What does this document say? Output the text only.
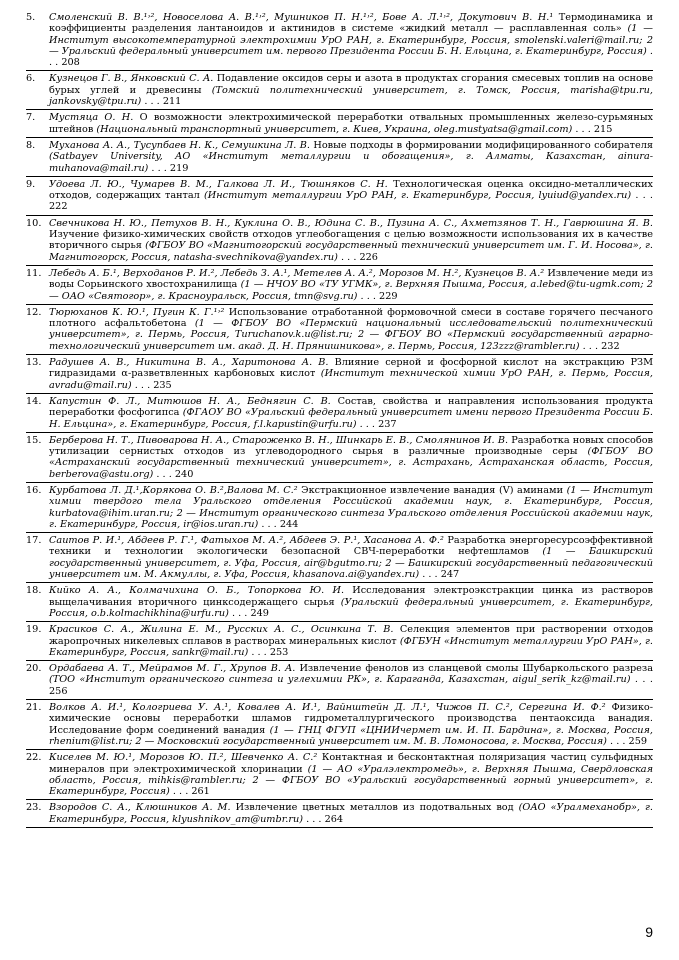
5.	Смоленский В. В.¹˒², Новоселова А. В.¹˒², Мушников П. Н.¹˒², Бове А. Л.¹˒², Докутович В. Н.¹ Термодинамика и коэффициенты разделения лантаноидов и актинидов в системе «жидкий металл — расплавленная соль» (1 — Институт высокотемпературной электрохимии УрО РАН, г. Екатеринбург, Россия, smolenski.valeri@mail.ru; 2 — Уральский федеральный университет им. первого Президента России Б. Н. Ельцина, г. Екатеринбург, Россия) . . . 208
6.	Кузнецов Г. В., Янковский С. А. Подавление оксидов серы и азота в продуктах сгорания смесевых топлив на основе бурых углей и древесины (Томский политехнический университет, г. Томск, Россия, marisha@tpu.ru, jankovsky@tpu.ru) . . . 211
7.	Мустяца О. Н. О возможности электрохимической переработки отвальных промышленных железо-сурьмяных штейнов (Национальный транспортный университет, г. Киев, Украина, oleg.mustyatsa@gmail.com) . . . 215
8.	Муханова А. А., Тусупбаев Н. К., Семушкина Л. В. Новые подходы в формировании модифицированного собирателя (Satbayev University, АО «Институт металлургии и обогащения», г. Алматы, Казахстан, ainura-muhanova@mail.ru) . . . 219
9.	Удоева Л. Ю., Чумарев В. М., Галкова Л. И., Тюшняков С. Н. Технологическая оценка оксидно-металлических отходов, содержащих тантал (Институт металлургии УрО РАН, г. Екатеринбург, Россия, lyuiud@yandex.ru) . . . 222
10. Свечникова Н. Ю., Петухов В. Н., Куклина О. В., Юдина С. В., Пузина А. С., Ахметзянов Т. Н., Гаврюшина Я. В. Изучение физико-химических свойств отходов углеобогащения с целью возможности использования их в качестве вторичного сырья (ФГБОУ ВО «Магнитогорский государственный технический университет им. Г. И. Носова», г. Магнитогорск, Россия, natasha-svechnikova@yandex.ru) . . . 226
11. Лебедь А. Б.¹, Верходанов Р. И.², Лебедь З. А.¹, Метелев А. А.², Морозов М. Н.², Кузнецов В. А.² Извлечение меди из воды Сорьинского хвостохранилища (1 — НЧОУ ВО «ТУ УГМК», г. Верхняя Пышма, Россия, a.lebed@tu-ugmk.com; 2 — ОАО «Святогор», г. Красноуральск, Россия, tmn@svg.ru) . . . 229
12. Тюрюханов К. Ю.¹, Пугин К. Г.¹˒² Использование отработанной формовочной смеси в составе горячего песчаного плотного асфальтобетона (1 — ФГБОУ ВО «Пермский национальный исследовательский политехнический университет», г. Пермь, Россия, Turuchanov.k.u@list.ru; 2 — ФГБОУ ВО «Пермский государственный аграрно-технологический университет им. акад. Д. Н. Прянишникова», г. Пермь, Россия, 123zzz@rambler.ru) . . . 232
13. Радушев А. В., Никитина В. А., Харитонова А. В. Влияние серной и фосфорной кислот на экстракцию РЗМ гидразидами α-разветвленных карбоновых кислот (Институт технической химии УрО РАН, г. Пермь, Россия, avradu@mail.ru) . . . 235
14. Капустин Ф. Л., Митюшов Н. А., Беднягин С. В. Состав, свойства и направления использования продукта переработки фосфогипса (ФГАОУ ВО «Уральский федеральный университет имени первого Президента России Б. Н. Ельцина», г. Екатеринбург, Россия, f.l.kapustin@urfu.ru) . . . 237
15. Берберова Н. Т., Пивоварова Н. А., Староженко В. Н., Шинкарь Е. В., Смолянинов И. В. Разработка новых способов утилизации сернистых отходов из углеводородного сырья в различные производные серы (ФГБОУ ВО «Астраханский государственный технический университет», г. Астрахань, Астраханская область, Россия, berberova@astu.org) . . . 240
16. Курбатова Л. Д.¹,Корякова О. В.²,Валова М. С.² Экстракционное извлечение ванадия (V) аминами (1 — Институт химии твердого тела Уральского отделения Российской академии наук, г. Екатеринбург, Россия, kurbatova@ihim.uran.ru; 2 — Институт органического синтеза Уральского отделения Российской академии наук, г. Екатеринбург, Россия, ir@ios.uran.ru) . . . 244
17. Саитов Р. И.¹, Абдеев Р. Г.¹, Фатыхов М. А.², Абдеев Э. Р.¹, Хасанова А. Ф.² Разработка энергоресурсоэффективной техники и технологии экологически безопасной СВЧ-переработки нефтешламов (1 — Башкирский государственный университет, г. Уфа, Россия, air@bgutmo.ru; 2 — Башкирский государственный педагогический университет им. М. Акмуллы, г. Уфа, Россия, khasanova.ai@yandex.ru) . . . 247
18. Кийко А. А., Колмачихина О. Б., Топоркова Ю. И. Исследования электроэкстракции цинка из растворов выщелачивания вторичного цинксодержащего сырья (Уральский федеральный университет, г. Екатеринбург, Россия, o.b.kolmachikhina@urfu.ru) . . . 249
19. Красиков С. А., Жилина Е. М., Русских А. С., Осинкина Т. В. Селекция элементов при растворении отходов жаропрочных никелевых сплавов в растворах минеральных кислот (ФГБУН «Институт металлургии УрО РАН», г. Екатеринбург, Россия, sankr@mail.ru) . . . 253
20. Ордабаева А. Т., Мейрамов М. Г., Хрупов В. А. Извлечение фенолов из сланцевой смолы Шубаркольского разреза (ТОО «Институт органического синтеза и углехимии РК», г. Караганда, Казахстан, aigul_serik_kz@mail.ru) . . . 256
21. Волков А. И.¹, Кологриева У. А.¹, Ковалев А. И.¹, Вайнштейн Д. Л.¹, Чижов П. С.², Серегина И. Ф.² Физико-химические основы переработки шламов гидрометаллургического производства пентаоксида ванадия. Исследование форм соединений ванадия (1 — ГНЦ ФГУП «ЦНИИчермет им. И. П. Бардина», г. Москва, Россия, rhenium@list.ru; 2 — Московский государственный университет им. М. В. Ломоносова, г. Москва, Россия) . . . 259
22. Киселев М. Ю.¹, Морозов Ю. П.², Шевченко А. С.² Контактная и бесконтактная поляризация частиц сульфидных минералов при электрохимической хлоринации (1 — АО «Уралэлектромедь», г. Верхняя Пышма, Свердловская область, Россия, mihkis@rambler.ru; 2 — ФГБОУ ВО «Уральский государственный горный университет», г. Екатеринбург, Россия) . . . 261
23. Взородов С. А., Клюшников А. М. Извлечение цветных металлов из подотвальных вод (ОАО «Уралмеханобр», г. Екатеринбург, Россия, klyushnikov_am@umbr.ru) . . . 264
9
